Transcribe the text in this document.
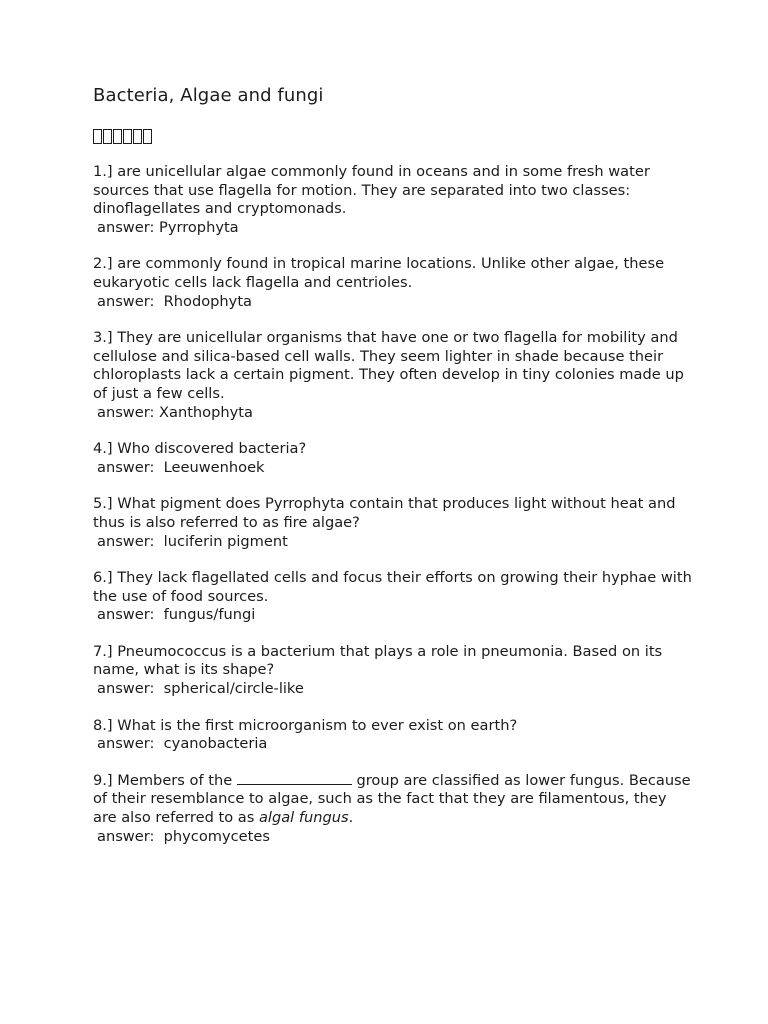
Bacteria, Algae and fungi

1.] are unicellular algae commonly found in oceans and in some fresh water sources that use flagella for motion. They are separated into two classes: dinoflagellates and cryptomonads.

answer: Pyrrophyta

2.] are commonly found in tropical marine locations. Unlike other algae, these eukaryotic cells lack flagella and centrioles.

answer: Rhodophyta

3.] They are unicellular organisms that have one or two flagella for mobility and cellulose and silica-based cell walls. They seem lighter in shade because their chloroplasts lack a certain pigment. They often develop in tiny colonies made up of just a few cells.

answer: Xanthophyta

4.] Who discovered bacteria?

answer: Leeuwenhoek

5.] What pigment does Pyrrophyta contain that produces light without heat and thus is also referred to as fire algae?

answer: luciferin pigment

6.] They lack flagellated cells and focus their efforts on growing their hyphae with the use of food sources.

answer: fungus/fungi

7.] Pneumococcus is a bacterium that plays a role in pneumonia. Based on its name, what is its shape?

answer: spherical/circle-like

8.] What is the first microorganism to ever exist on earth?

answer: cyanobacteria

9.] Members of the	group are classified as lower fungus. Because of their resemblance to algae, such as the fact that they are filamentous, they are also referred to as algal fungus.

answer: phycomycetes
